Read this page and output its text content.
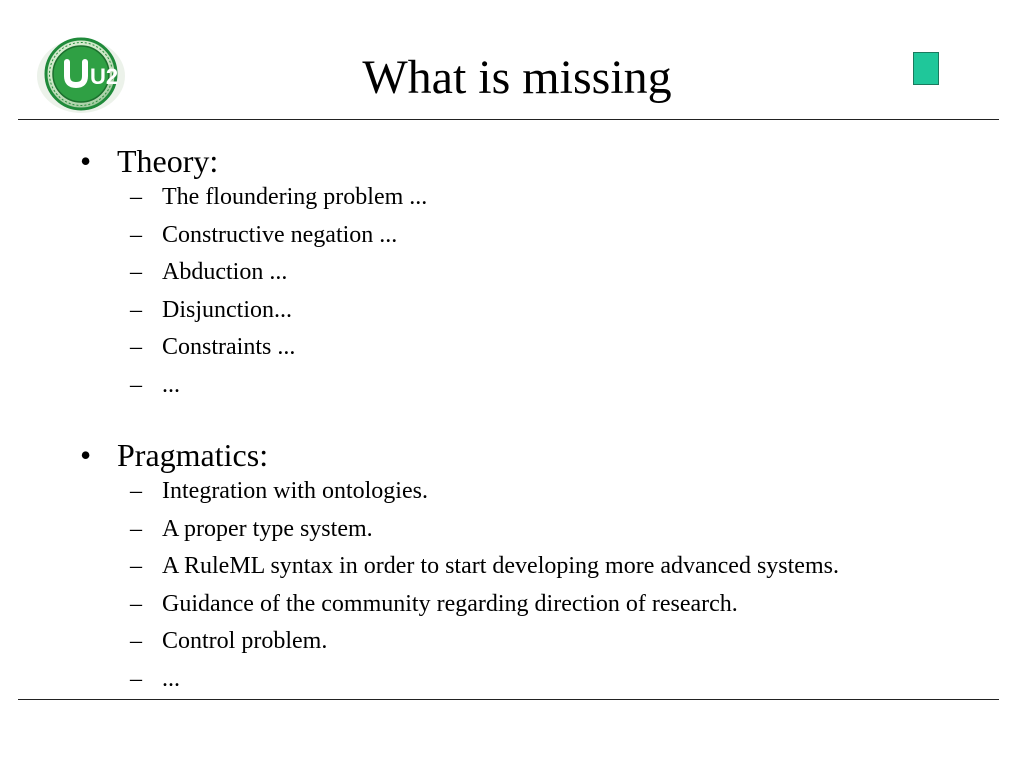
U2	What is missing
• Theory:
– The floundering problem ...
– Constructive negation ...
– Abduction ...
– Disjunction...
– Constraints ...
– ...
• Pragmatics:
– Integration with ontologies.
– A proper type system.
– A RuleML syntax in order to start developing more advanced systems.
– Guidance of the community regarding direction of research.
– Control problem.
– ...
